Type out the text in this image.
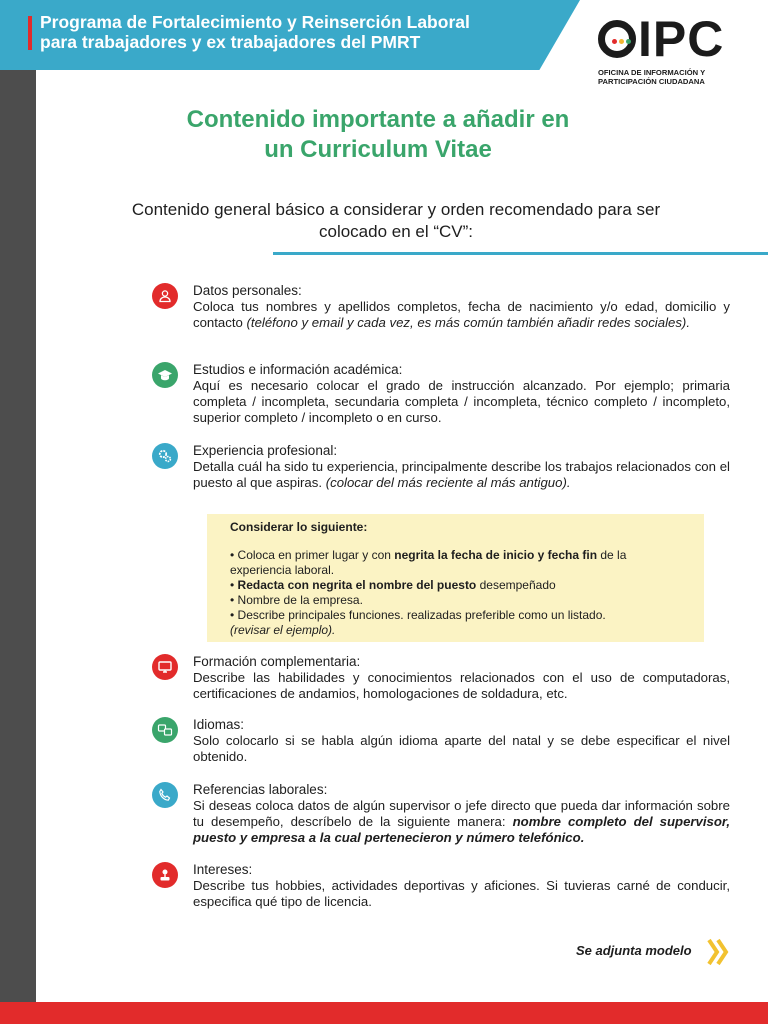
Programa de Fortalecimiento y Reinserción Laboral
para trabajadores y ex trabajadores del PMRT	IPC
OFICINA DE INFORMACIÓN Y
PARTICIPACIÓN CIUDADANA
Contenido importante a añadir en
un Curriculum Vitae

Contenido general básico a considerar y orden recomendado para ser
colocado en el “CV”:

Datos personales:

Coloca tus nombres y apellidos completos, fecha de nacimiento y/o edad, domicilio y contacto (teléfono y email y cada vez, es más común también añadir redes sociales).

Estudios e información académica:

Aquí es necesario colocar el grado de instrucción alcanzado. Por ejemplo; primaria completa / incompleta, secundaria completa / incompleta, técnico completo / incompleto, superior completo / incompleto o en curso.

Experiencia profesional:

Detalla cuál ha sido tu experiencia, principalmente describe los trabajos relacionados con el puesto al que aspiras. (colocar del más reciente al más antiguo).

Considerar lo siguiente:

• Coloca en primer lugar y con negrita la fecha de inicio y fecha fin de la experiencia laboral.
• Redacta con negrita el nombre del puesto desempeñado
• Nombre de la empresa.
• Describe principales funciones. realizadas preferible como un listado.
(revisar el ejemplo).

Formación complementaria:

Describe las habilidades y conocimientos relacionados con el uso de computadoras, certificaciones de andamios, homologaciones de soldadura, etc.

Idiomas:

Solo colocarlo si se habla algún idioma aparte del natal y se debe especificar el nivel obtenido.

Referencias laborales:

Si deseas coloca datos de algún supervisor o jefe directo que pueda dar información sobre tu desempeño, descríbelo de la siguiente manera: nombre completo del supervisor, puesto y empresa a la cual pertenecieron y número telefónico.

Intereses:

Describe tus hobbies, actividades deportivas y aficiones. Si tuvieras carné de conducir, especifica qué tipo de licencia.

Se adjunta modelo
